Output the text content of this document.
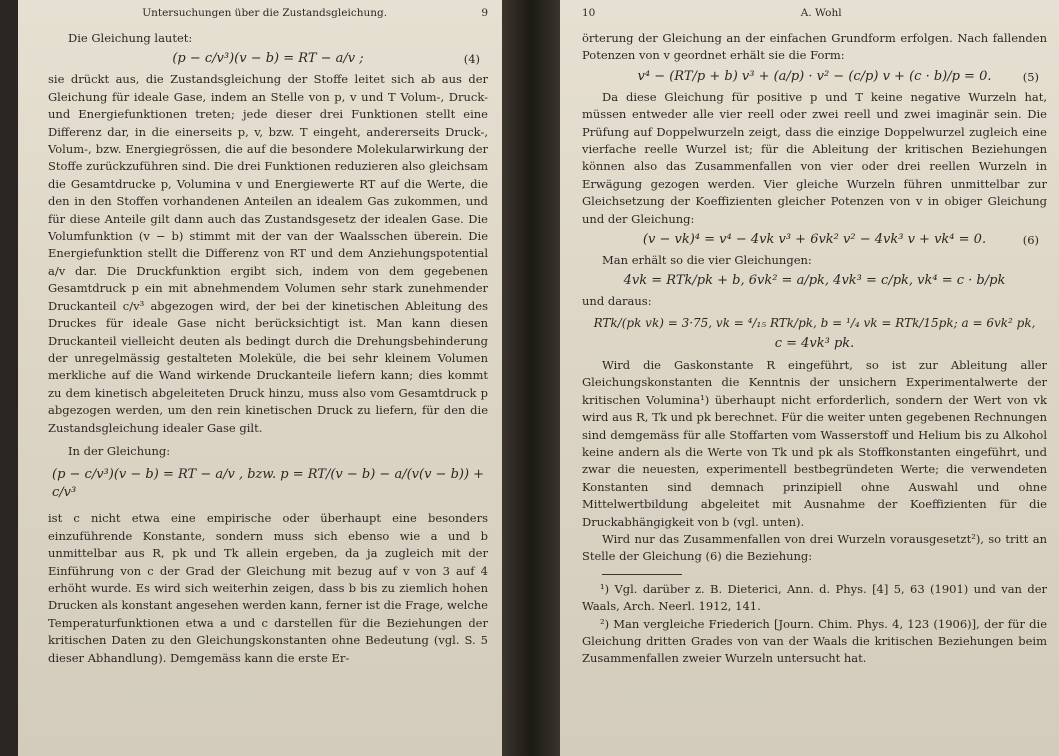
Untersuchungen über die Zustandsgleichung.	9

Die Gleichung lautet:

(p − c/v³)(v − b) = RT − a/v ;	(4)

sie drückt aus, die Zustandsgleichung der Stoffe leitet sich ab aus der Gleichung für ideale Gase, indem an Stelle von p, v und T Volum-, Druck- und Energiefunktionen treten; jede dieser drei Funktionen stellt eine Differenz dar, in die einerseits p, v, bzw. T eingeht, andererseits Druck-, Volum-, bzw. Energiegrössen, die auf die besondere Molekularwirkung der Stoffe zurückzuführen sind. Die drei Funktionen reduzieren also gleichsam die Gesamtdrucke p, Volumina v und Energiewerte RT auf die Werte, die den in den Stoffen vorhandenen Anteilen an idealem Gas zukommen, und für diese Anteile gilt dann auch das Zustandsgesetz der idealen Gase. Die Volumfunktion (v − b) stimmt mit der van der Waalsschen überein. Die Energiefunktion stellt die Differenz von RT und dem Anziehungspotential a/v dar. Die Druckfunktion ergibt sich, indem von dem gegebenen Gesamtdruck p ein mit abnehmendem Volumen sehr stark zunehmender Druckanteil c/v³ abgezogen wird, der bei der kinetischen Ableitung des Druckes für ideale Gase nicht berücksichtigt ist. Man kann diesen Druckanteil vielleicht deuten als bedingt durch die Drehungsbehinderung der unregelmässig gestalteten Moleküle, die bei sehr kleinem Volumen merkliche auf die Wand wirkende Druckanteile liefern kann; dies kommt zu dem kinetisch abgeleiteten Druck hinzu, muss also vom Gesamtdruck p abgezogen werden, um den rein kinetischen Druck zu liefern, für den die Zustandsgleichung idealer Gase gilt.

In der Gleichung:

(p − c/v³)(v − b) = RT − a/v , bzw. p = RT/(v − b) − a/(v(v − b)) + c/v³

ist c nicht etwa eine empirische oder überhaupt eine besonders einzuführende Konstante, sondern muss sich ebenso wie a und b unmittelbar aus R, pk und Tk allein ergeben, da ja zugleich mit der Einführung von c der Grad der Gleichung mit bezug auf v von 3 auf 4 erhöht wurde. Es wird sich weiterhin zeigen, dass b bis zu ziemlich hohen Drucken als konstant angesehen werden kann, ferner ist die Frage, welche Temperaturfunktionen etwa a und c darstellen für die Beziehungen der kritischen Daten zu den Gleichungskonstanten ohne Bedeutung (vgl. S. 5 dieser Abhandlung). Demgemäss kann die erste Er-

10	A. Wohl

örterung der Gleichung an der einfachen Grundform erfolgen. Nach fallenden Potenzen von v geordnet erhält sie die Form:

v⁴ − (RT/p + b) v³ + (a/p) · v² − (c/p) v + (c · b)/p = 0.	(5)

Da diese Gleichung für positive p und T keine negative Wurzeln hat, müssen entweder alle vier reell oder zwei reell und zwei imaginär sein. Die Prüfung auf Doppelwurzeln zeigt, dass die einzige Doppelwurzel zugleich eine vierfache reelle Wurzel ist; für die Ableitung der kritischen Beziehungen können also das Zusammenfallen von vier oder drei reellen Wurzeln in Erwägung gezogen werden. Vier gleiche Wurzeln führen unmittelbar zur Gleichsetzung der Koeffizienten gleicher Potenzen von v in obiger Gleichung und der Gleichung:

(v − vk)⁴ = v⁴ − 4vk v³ + 6vk² v² − 4vk³ v + vk⁴ = 0.	(6)

Man erhält so die vier Gleichungen:

4vk = RTk/pk + b, 6vk² = a/pk, 4vk³ = c/pk, vk⁴ = c · b/pk

und daraus:

RTk/(pk vk) = 3·75, vk = ⁴/₁₅ RTk/pk, b = ¹/₄ vk = RTk/15pk; a = 6vk² pk,
c = 4vk³ pk.

Wird die Gaskonstante R eingeführt, so ist zur Ableitung aller Gleichungskonstanten die Kenntnis der unsichern Experimentalwerte der kritischen Volumina¹) überhaupt nicht erforderlich, sondern der Wert von vk wird aus R, Tk und pk berechnet. Für die weiter unten gegebenen Rechnungen sind demgemäss für alle Stoffarten vom Wasserstoff und Helium bis zu Alkohol keine andern als die Werte von Tk und pk als Stoffkonstanten eingeführt, und zwar die neuesten, experimentell bestbegründeten Werte; die verwendeten Konstanten sind demnach prinzipiell ohne Auswahl und ohne Mittelwertbildung abgeleitet mit Ausnahme der Koeffizienten für die Druckabhängigkeit von b (vgl. unten).

Wird nur das Zusammenfallen von drei Wurzeln vorausgesetzt²), so tritt an Stelle der Gleichung (6) die Beziehung:

¹) Vgl. darüber z. B. Dieterici, Ann. d. Phys. [4] 5, 63 (1901) und van der Waals, Arch. Neerl. 1912, 141.

²) Man vergleiche Friederich [Journ. Chim. Phys. 4, 123 (1906)], der für die Gleichung dritten Grades von van der Waals die kritischen Beziehungen beim Zusammenfallen zweier Wurzeln untersucht hat.
